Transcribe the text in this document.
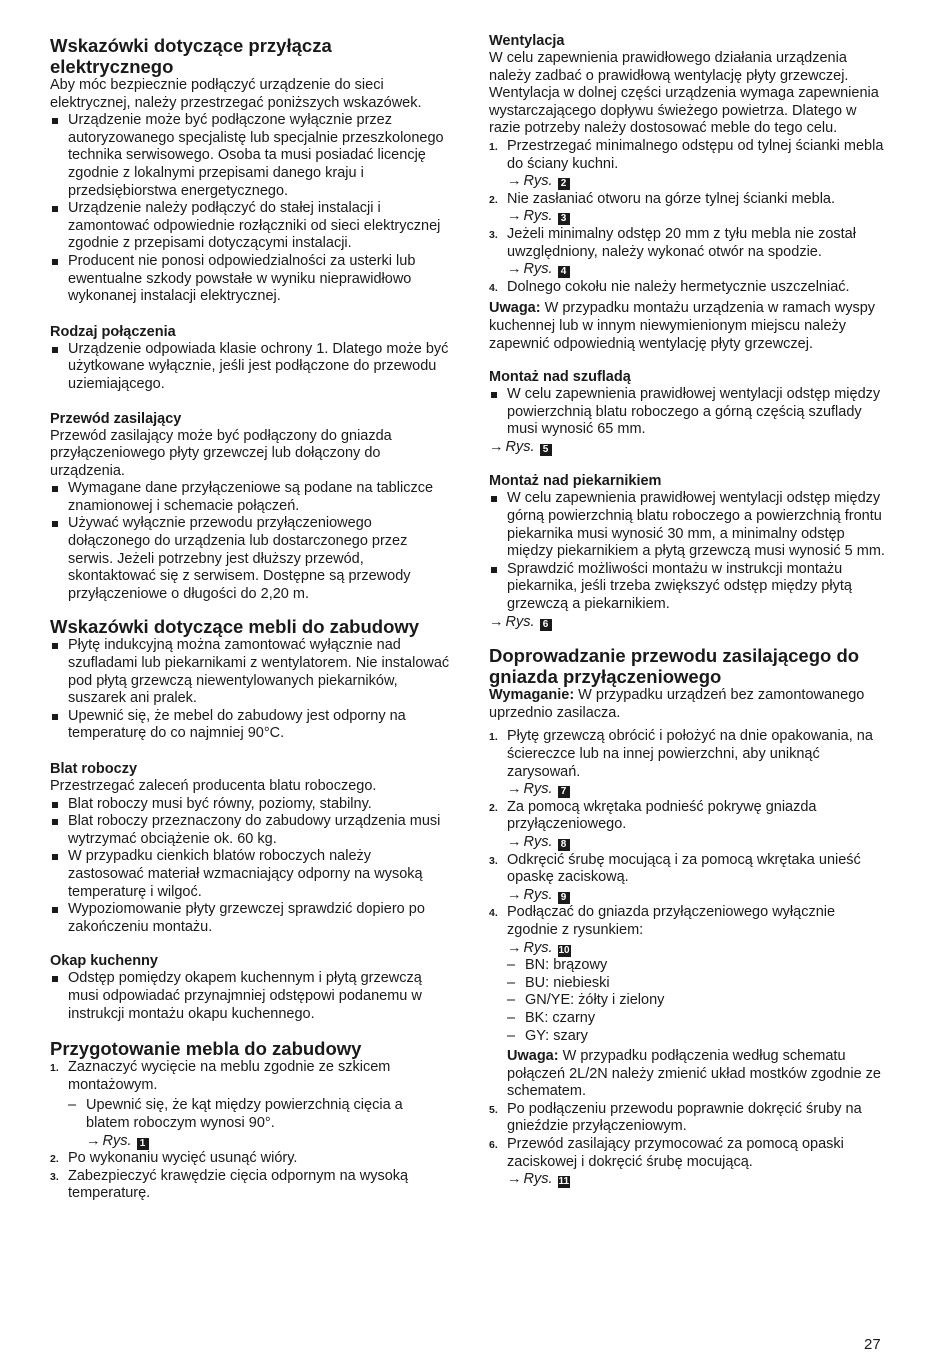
Wskazówki dotyczące przyłącza elektrycznego
Aby móc bezpiecznie podłączyć urządzenie do sieci elektrycznej, należy przestrzegać poniższych wskazówek.
Urządzenie może być podłączone wyłącznie przez autoryzowanego specjalistę lub specjalnie przeszkolonego technika serwisowego. Osoba ta musi posiadać licencję zgodnie z lokalnymi przepisami danego kraju i przedsiębiorstwa energetycznego.
Urządzenie należy podłączyć do stałej instalacji i zamontować odpowiednie rozłączniki od sieci elektrycznej zgodnie z przepisami dotyczącymi instalacji.
Producent nie ponosi odpowiedzialności za usterki lub ewentualne szkody powstałe w wyniku nieprawidłowo wykonanej instalacji elektrycznej.
Rodzaj połączenia
Urządzenie odpowiada klasie ochrony 1. Dlatego może być użytkowane wyłącznie, jeśli jest podłączone do przewodu uziemiającego.
Przewód zasilający
Przewód zasilający może być podłączony do gniazda przyłączeniowego płyty grzewczej lub dołączony do urządzenia.
Wymagane dane przyłączeniowe są podane na tabliczce znamionowej i schemacie połączeń.
Używać wyłącznie przewodu przyłączeniowego dołączonego do urządzenia lub dostarczonego przez serwis. Jeżeli potrzebny jest dłuższy przewód, skontaktować się z serwisem. Dostępne są przewody przyłączeniowe o długości do 2,20 m.
Wskazówki dotyczące mebli do zabudowy
Płytę indukcyjną można zamontować wyłącznie nad szufladami lub piekarnikami z wentylatorem. Nie instalować pod płytą grzewczą niewentylowanych piekarników, suszarek ani pralek.
Upewnić się, że mebel do zabudowy jest odporny na temperaturę do co najmniej 90°C.
Blat roboczy
Przestrzegać zaleceń producenta blatu roboczego.
Blat roboczy musi być równy, poziomy, stabilny.
Blat roboczy przeznaczony do zabudowy urządzenia musi wytrzymać obciążenie ok. 60 kg.
W przypadku cienkich blatów roboczych należy zastosować materiał wzmacniający odporny na wysoką temperaturę i wilgoć.
Wypoziomowanie płyty grzewczej sprawdzić dopiero po zakończeniu montażu.
Okap kuchenny
Odstęp pomiędzy okapem kuchennym i płytą grzewczą musi odpowiadać przynajmniej odstępowi podanemu w instrukcji montażu okapu kuchennego.
Przygotowanie mebla do zabudowy
1. Zaznaczyć wycięcie na meblu zgodnie ze szkicem montażowym.
– Upewnić się, że kąt między powierzchnią cięcia a blatem roboczym wynosi 90°.
→ Rys. 1
2. Po wykonaniu wycięć usunąć wióry.
3. Zabezpieczyć krawędzie cięcia odpornym na wysoką temperaturę.
Wentylacja
W celu zapewnienia prawidłowego działania urządzenia należy zadbać o prawidłową wentylację płyty grzewczej. Wentylacja w dolnej części urządzenia wymaga zapewnienia wystarczającego dopływu świeżego powietrza. Dlatego w razie potrzeby należy dostosować meble do tego celu.
1. Przestrzegać minimalnego odstępu od tylnej ścianki mebla do ściany kuchni.
→ Rys. 2
2. Nie zasłaniać otworu na górze tylnej ścianki mebla.
→ Rys. 3
3. Jeżeli minimalny odstęp 20 mm z tyłu mebla nie został uwzględniony, należy wykonać otwór na spodzie.
→ Rys. 4
4. Dolnego cokołu nie należy hermetycznie uszczelniać.
Uwaga: W przypadku montażu urządzenia w ramach wyspy kuchennej lub w innym niewymienionym miejscu należy zapewnić odpowiednią wentylację płyty grzewczej.
Montaż nad szufladą
W celu zapewnienia prawidłowej wentylacji odstęp między powierzchnią blatu roboczego a górną częścią szuflady musi wynosić 65 mm.
→ Rys. 5
Montaż nad piekarnikiem
W celu zapewnienia prawidłowej wentylacji odstęp między górną powierzchnią blatu roboczego a powierzchnią frontu piekarnika musi wynosić 30 mm, a minimalny odstęp między piekarnikiem a płytą grzewczą musi wynosić 5 mm.
Sprawdzić możliwości montażu w instrukcji montażu piekarnika, jeśli trzeba zwiększyć odstęp między płytą grzewczą a piekarnikiem.
→ Rys. 6
Doprowadzanie przewodu zasilającego do gniazda przyłączeniowego
Wymaganie: W przypadku urządzeń bez zamontowanego uprzednio zasilacza.
1. Płytę grzewczą obrócić i położyć na dnie opakowania, na ściereczce lub na innej powierzchni, aby uniknąć zarysowań.
→ Rys. 7
2. Za pomocą wkrętaka podnieść pokrywę gniazda przyłączeniowego.
→ Rys. 8
3. Odkręcić śrubę mocującą i za pomocą wkrętaka unieść opaskę zaciskową.
→ Rys. 9
4. Podłączać do gniazda przyłączeniowego wyłącznie zgodnie z rysunkiem:
→ Rys. 10
– BN: brązowy
– BU: niebieski
– GN/YE: żółty i zielony
– BK: czarny
– GY: szary
Uwaga: W przypadku podłączenia według schematu połączeń 2L/2N należy zmienić układ mostków zgodnie ze schematem.
5. Po podłączeniu przewodu poprawnie dokręcić śruby na gnieździe przyłączeniowym.
6. Przewód zasilający przymocować za pomocą opaski zaciskowej i dokręcić śrubę mocującą.
→ Rys. 11
27
